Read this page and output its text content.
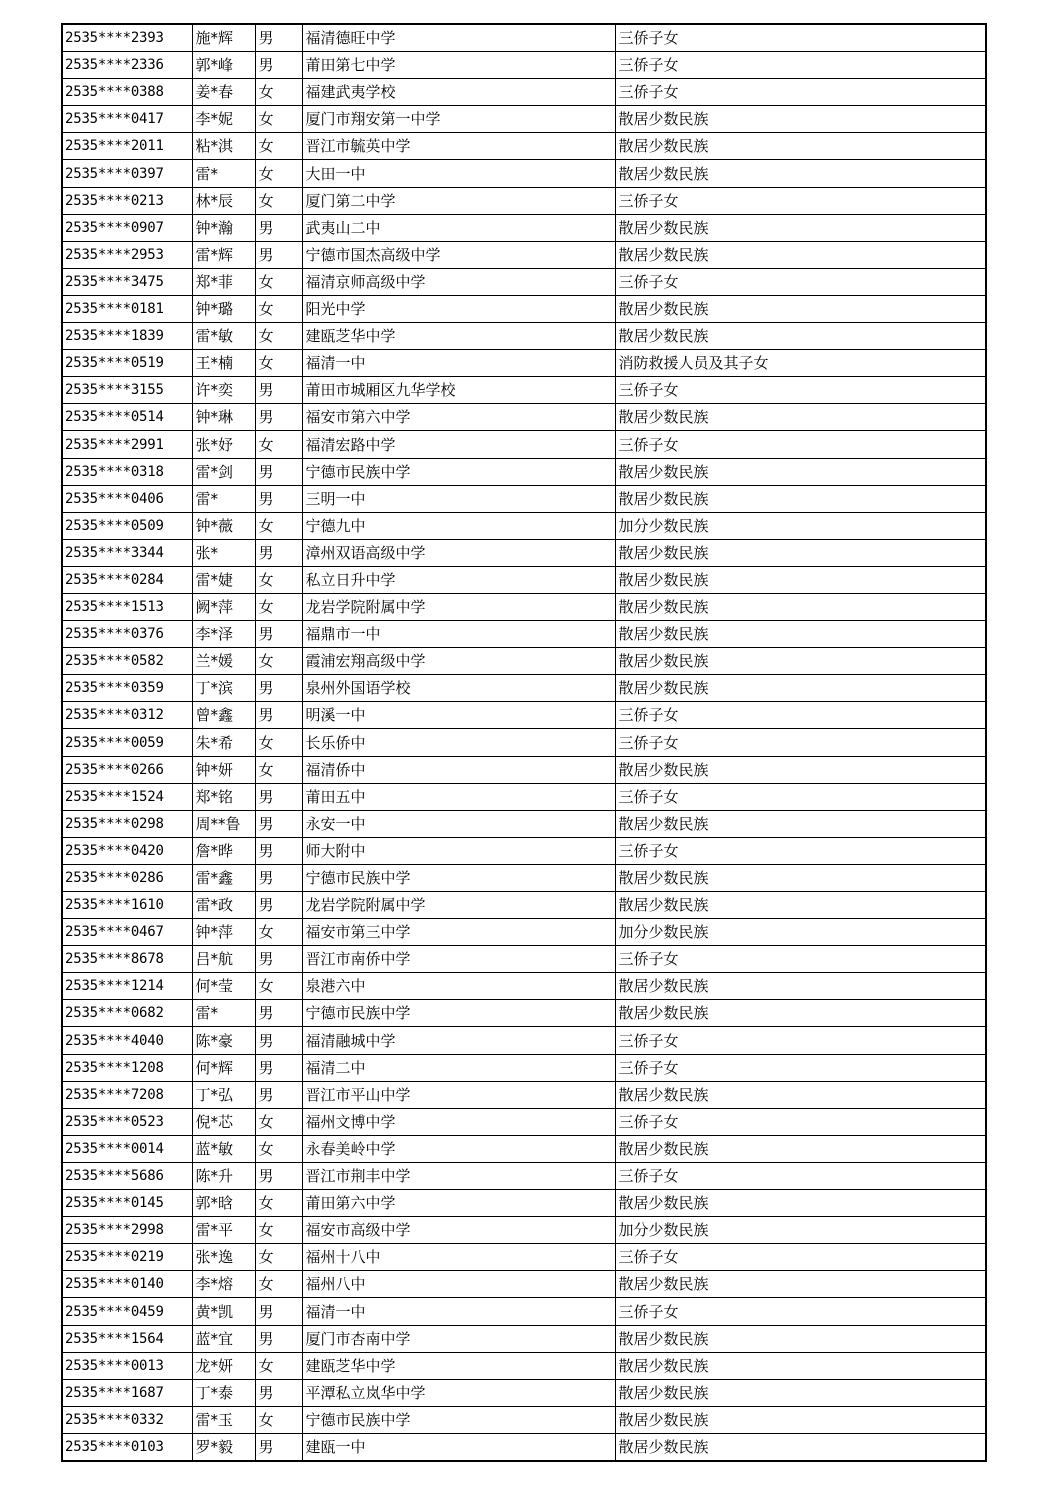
2535****2393	施*辉	男	福清德旺中学	三侨子女
2535****2336	郭*峰	男	莆田第七中学	三侨子女
2535****0388	姜*春	女	福建武夷学校	三侨子女
2535****0417	李*妮	女	厦门市翔安第一中学	散居少数民族
2535****2011	粘*淇	女	晋江市毓英中学	散居少数民族
2535****0397	雷*	女	大田一中	散居少数民族
2535****0213	林*辰	女	厦门第二中学	三侨子女
2535****0907	钟*瀚	男	武夷山二中	散居少数民族
2535****2953	雷*辉	男	宁德市国杰高级中学	散居少数民族
2535****3475	郑*菲	女	福清京师高级中学	三侨子女
2535****0181	钟*璐	女	阳光中学	散居少数民族
2535****1839	雷*敏	女	建瓯芝华中学	散居少数民族
2535****0519	王*楠	女	福清一中	消防救援人员及其子女
2535****3155	许*奕	男	莆田市城厢区九华学校	三侨子女
2535****0514	钟*琳	男	福安市第六中学	散居少数民族
2535****2991	张*妤	女	福清宏路中学	三侨子女
2535****0318	雷*剑	男	宁德市民族中学	散居少数民族
2535****0406	雷*	男	三明一中	散居少数民族
2535****0509	钟*薇	女	宁德九中	加分少数民族
2535****3344	张*	男	漳州双语高级中学	散居少数民族
2535****0284	雷*婕	女	私立日升中学	散居少数民族
2535****1513	阙*萍	女	龙岩学院附属中学	散居少数民族
2535****0376	李*泽	男	福鼎市一中	散居少数民族
2535****0582	兰*媛	女	霞浦宏翔高级中学	散居少数民族
2535****0359	丁*滨	男	泉州外国语学校	散居少数民族
2535****0312	曾*鑫	男	明溪一中	三侨子女
2535****0059	朱*希	女	长乐侨中	三侨子女
2535****0266	钟*妍	女	福清侨中	散居少数民族
2535****1524	郑*铭	男	莆田五中	三侨子女
2535****0298	周**鲁	男	永安一中	散居少数民族
2535****0420	詹*晔	男	师大附中	三侨子女
2535****0286	雷*鑫	男	宁德市民族中学	散居少数民族
2535****1610	雷*政	男	龙岩学院附属中学	散居少数民族
2535****0467	钟*萍	女	福安市第三中学	加分少数民族
2535****8678	吕*航	男	晋江市南侨中学	三侨子女
2535****1214	何*莹	女	泉港六中	散居少数民族
2535****0682	雷*	男	宁德市民族中学	散居少数民族
2535****4040	陈*豪	男	福清融城中学	三侨子女
2535****1208	何*辉	男	福清二中	三侨子女
2535****7208	丁*弘	男	晋江市平山中学	散居少数民族
2535****0523	倪*芯	女	福州文博中学	三侨子女
2535****0014	蓝*敏	女	永春美岭中学	散居少数民族
2535****5686	陈*升	男	晋江市荆丰中学	三侨子女
2535****0145	郭*晗	女	莆田第六中学	散居少数民族
2535****2998	雷*平	女	福安市高级中学	加分少数民族
2535****0219	张*逸	女	福州十八中	三侨子女
2535****0140	李*熔	女	福州八中	散居少数民族
2535****0459	黄*凯	男	福清一中	三侨子女
2535****1564	蓝*宜	男	厦门市杏南中学	散居少数民族
2535****0013	龙*妍	女	建瓯芝华中学	散居少数民族
2535****1687	丁*泰	男	平潭私立岚华中学	散居少数民族
2535****0332	雷*玉	女	宁德市民族中学	散居少数民族
2535****0103	罗*毅	男	建瓯一中	散居少数民族
